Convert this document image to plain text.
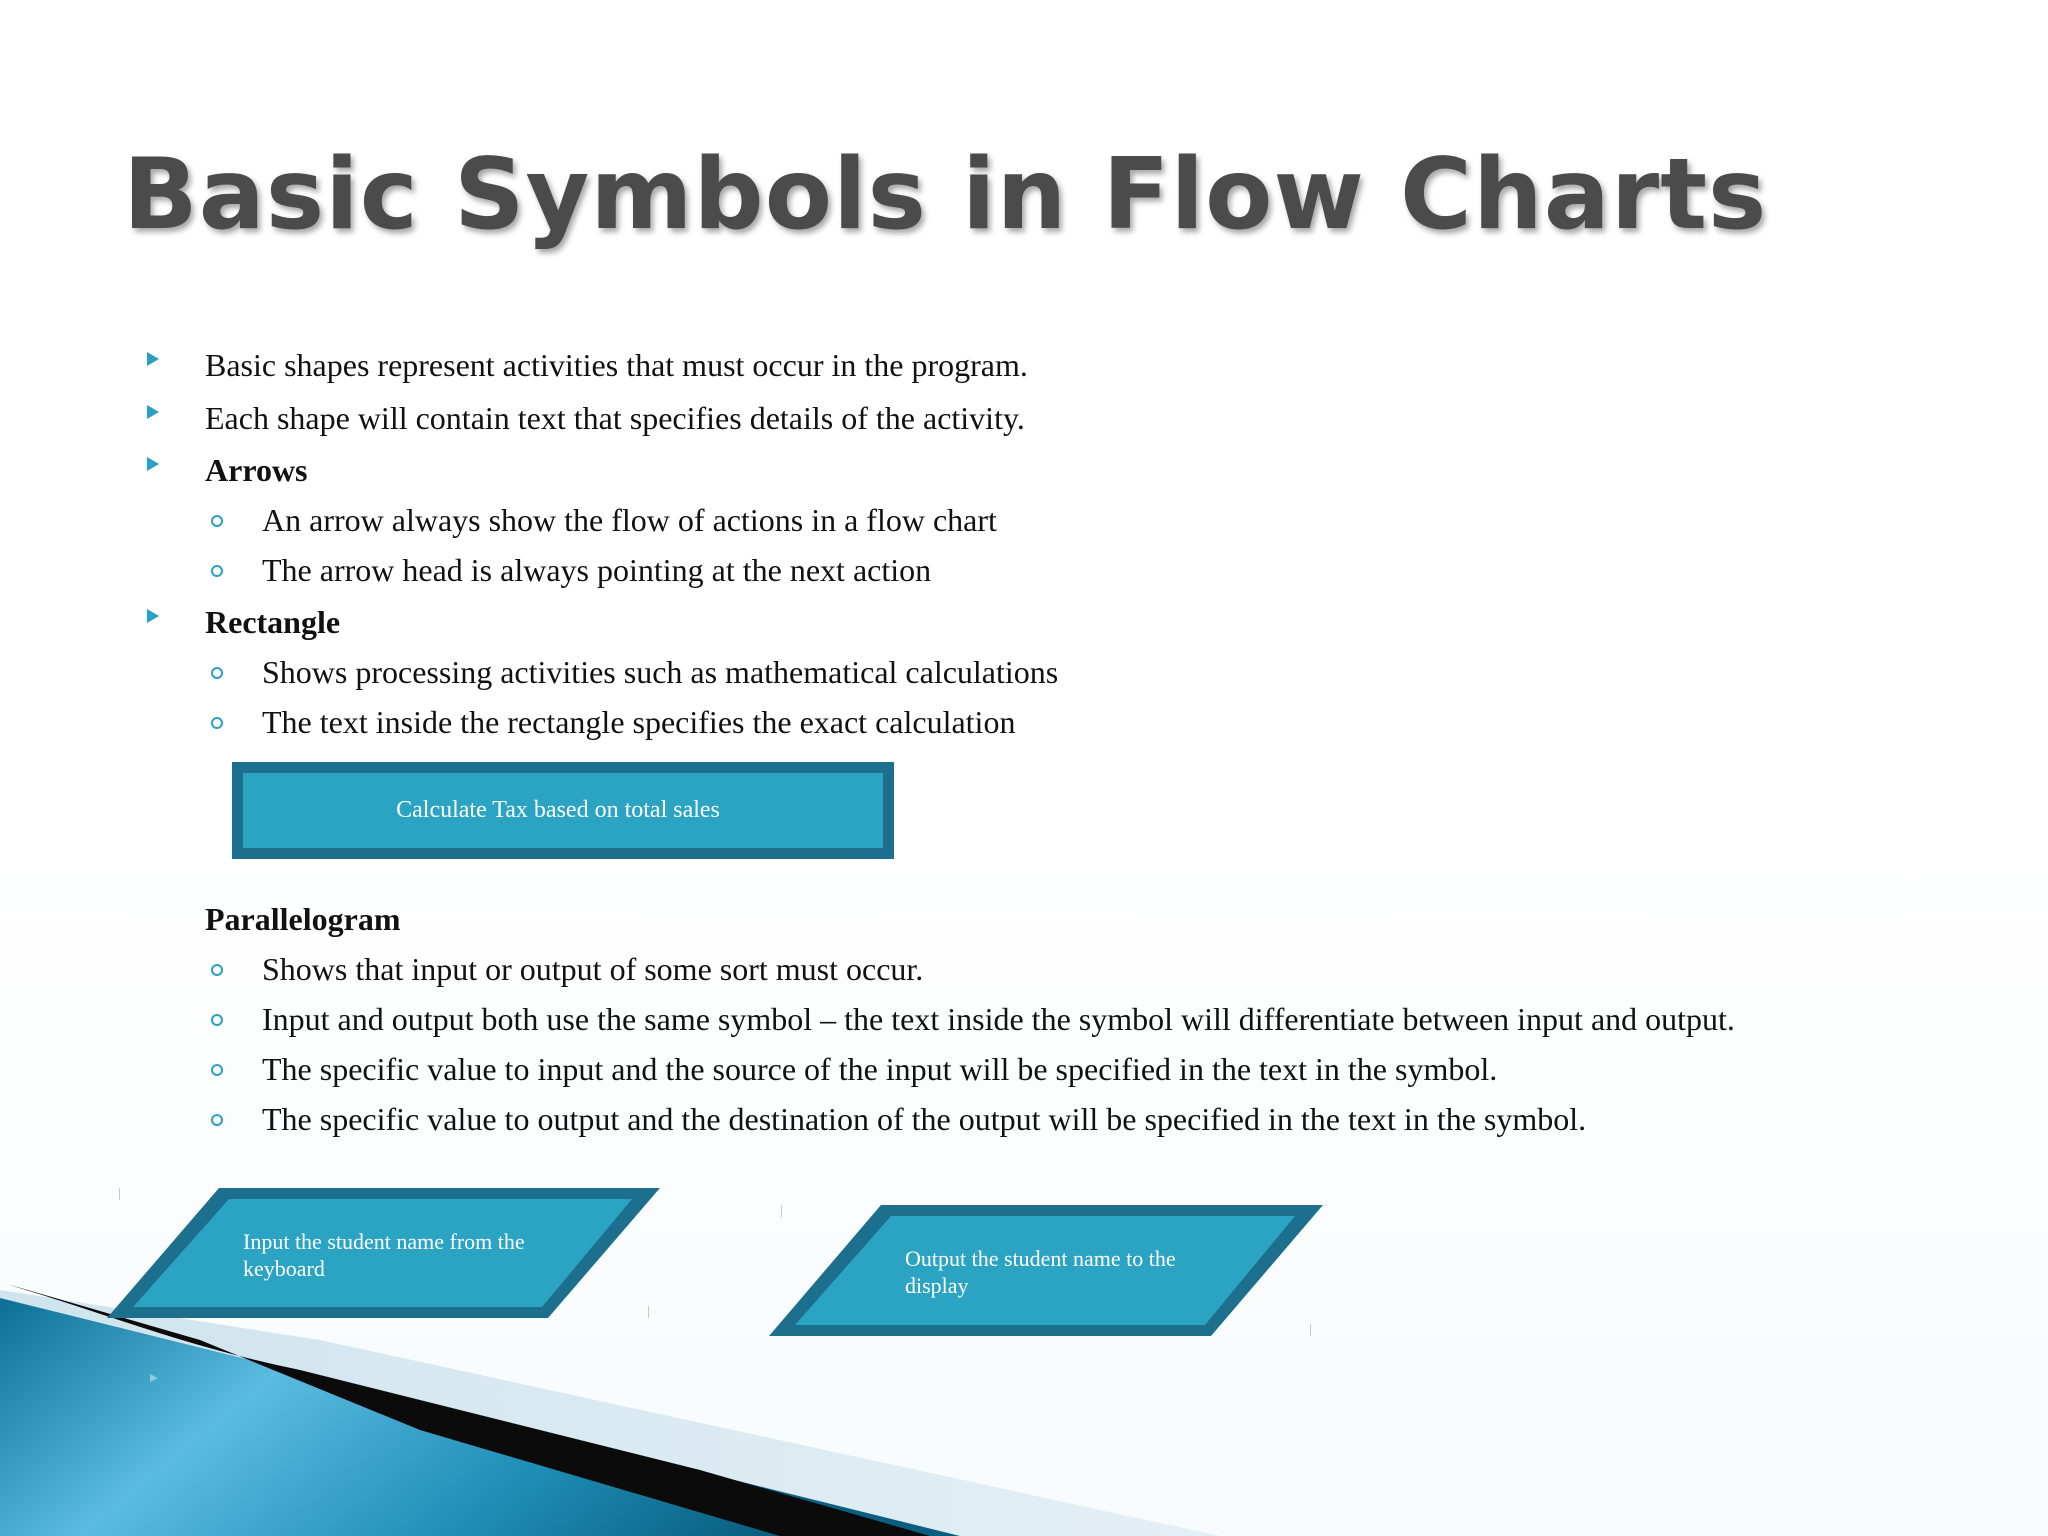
Basic Symbols in Flow Charts
Basic shapes represent activities that must occur in the program.
Each shape will contain text that specifies details of the activity.
Arrows
An arrow always show the flow of actions in a flow chart
The arrow head is always pointing at the next action
Rectangle
Shows processing activities such as mathematical calculations
The text inside the rectangle specifies the exact calculation
Calculate Tax based on total sales
Parallelogram
Shows that input or output of some sort must occur.
Input and output both use the same symbol – the text inside the symbol will differentiate between input and output.
The specific value to input and the source of the input will be specified in the text in the symbol.
The specific value to output and the destination of the output will be specified in the text in the symbol.
Input the student name from the keyboard	Output the student name to the display
